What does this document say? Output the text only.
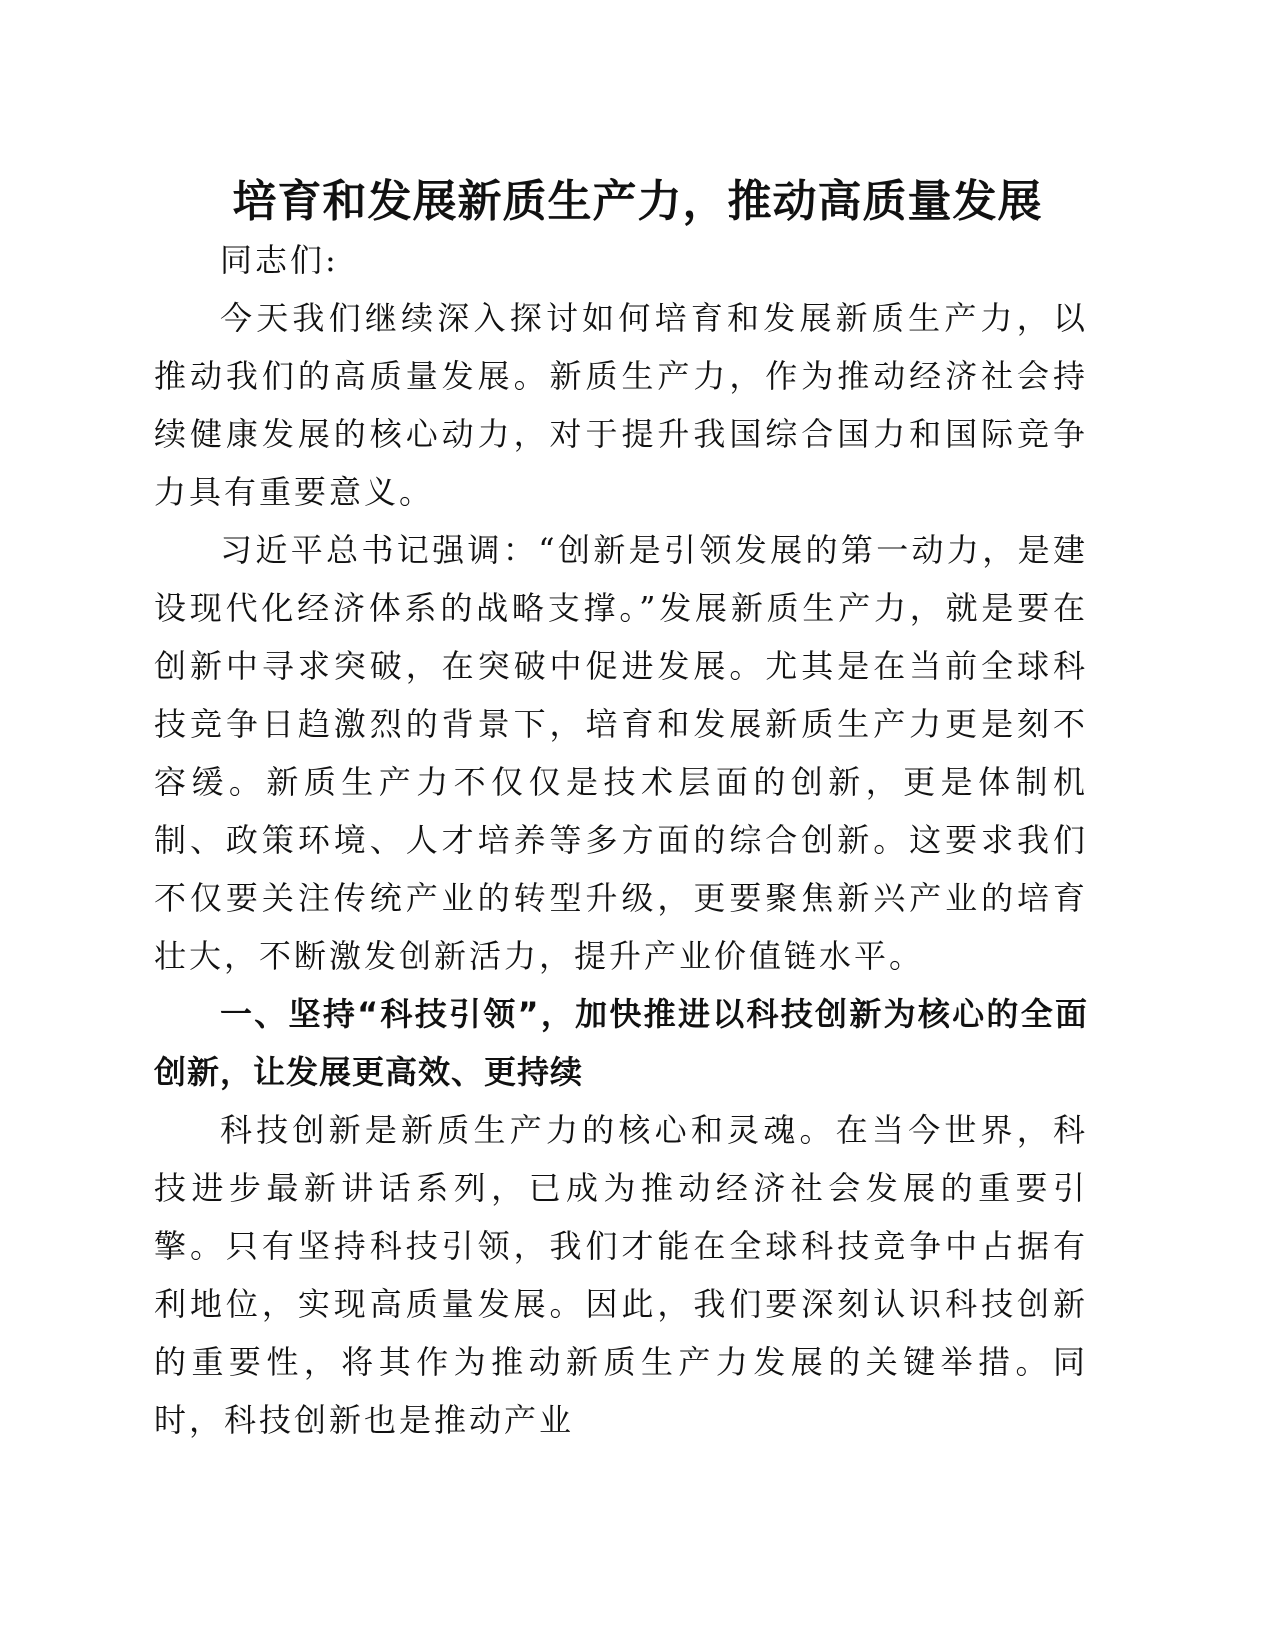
培育和发展新质生产力，推动高质量发展

同志们:

今天我们继续深入探讨如何培育和发展新质生产力，以推动我们的高质量发展。新质生产力，作为推动经济社会持续健康发展的核心动力，对于提升我国综合国力和国际竞争力具有重要意义。

习近平总书记强调：“创新是引领发展的第一动力，是建设现代化经济体系的战略支撑。”发展新质生产力，就是要在创新中寻求突破，在突破中促进发展。尤其是在当前全球科技竞争日趋激烈的背景下，培育和发展新质生产力更是刻不容缓。新质生产力不仅仅是技术层面的创新，更是体制机制、政策环境、人才培养等多方面的综合创新。这要求我们不仅要关注传统产业的转型升级，更要聚焦新兴产业的培育壮大，不断激发创新活力，提升产业价值链水平。

一、坚持“科技引领”，加快推进以科技创新为核心的全面创新，让发展更高效、更持续

科技创新是新质生产力的核心和灵魂。在当今世界，科技进步最新讲话系列，已成为推动经济社会发展的重要引擎。只有坚持科技引领，我们才能在全球科技竞争中占据有利地位，实现高质量发展。因此，我们要深刻认识科技创新的重要性，将其作为推动新质生产力发展的关键举措。同时，科技创新也是推动产业
